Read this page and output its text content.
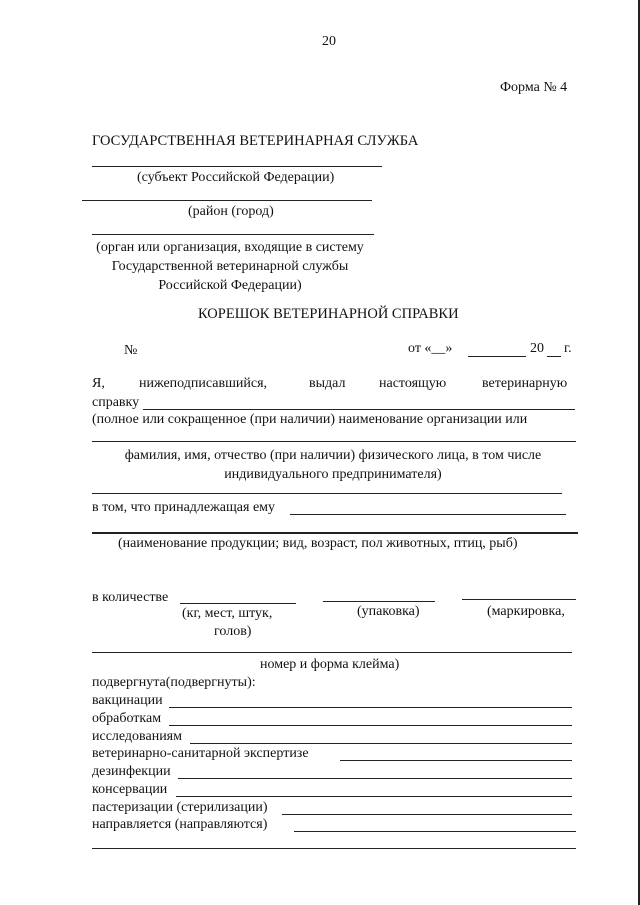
20
Форма № 4
ГОСУДАРСТВЕННАЯ ВЕТЕРИНАРНАЯ СЛУЖБА
(субъект Российской Федерации)
(район (город)
(орган или организация, входящие в систему
Государственной ветеринарной службы
Российской Федерации)
КОРЕШОК ВЕТЕРИНАРНОЙ СПРАВКИ
№	от «__»	20 г.
Я, нижеподписавшийся,	выдал настоящую	ветеринарную
справку
(полное или сокращенное (при наличии) наименование организации или
фамилия, имя, отчество (при наличии) физического лица, в том числе
индивидуального предпринимателя)
в том, что принадлежащая ему
(наименование продукции; вид, возраст, пол животных, птиц, рыб)
в количестве
(кг, мест, штук,
голов)
(упаковка)	(маркировка,
номер и форма клейма)
подвергнута(подвергнуты):
вакцинации
обработкам
исследованиям
ветеринарно-санитарной экспертизе
дезинфекции
консервации
пастеризации (стерилизации)
направляется (направляются)
